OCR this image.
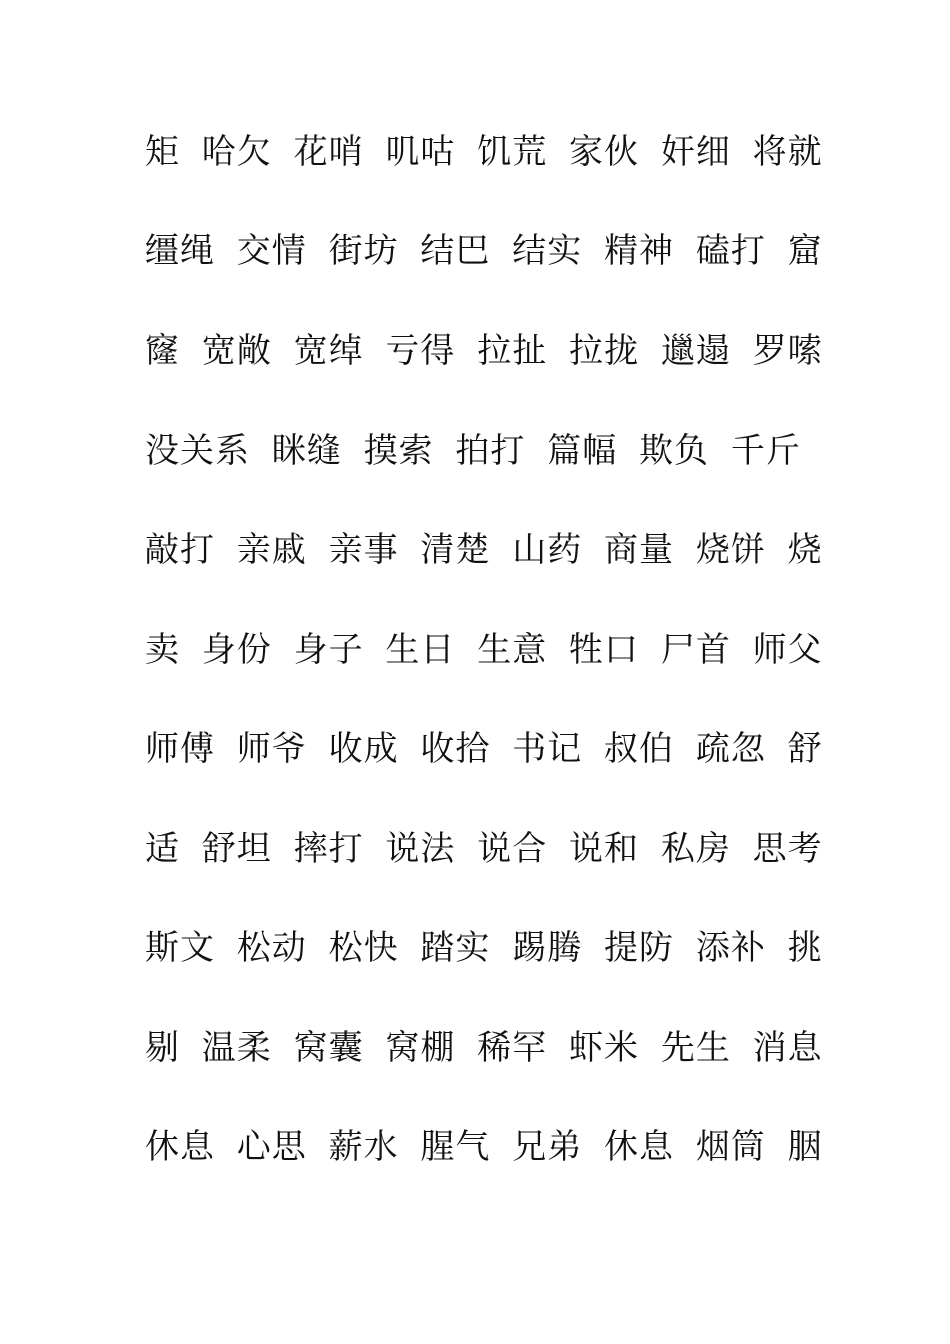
矩 哈欠 花哨 叽咕 饥荒 家伙 奸细 将就
缰绳 交情 街坊 结巴 结实 精神 磕打 窟
窿 宽敞 宽绰 亏得 拉扯 拉拢 邋遢 罗嗦
没关系 眯缝 摸索 拍打 篇幅 欺负 千斤
敲打 亲戚 亲事 清楚 山药 商量 烧饼 烧
卖 身份 身子 生日 生意 牲口 尸首 师父
师傅 师爷 收成 收拾 书记 叔伯 疏忽 舒
适 舒坦 摔打 说法 说合 说和 私房 思考
斯文 松动 松快 踏实 踢腾 提防 添补 挑
剔 温柔 窝囊 窝棚 稀罕 虾米 先生 消息
休息 心思 薪水 腥气 兄弟 休息 烟筒 胭
